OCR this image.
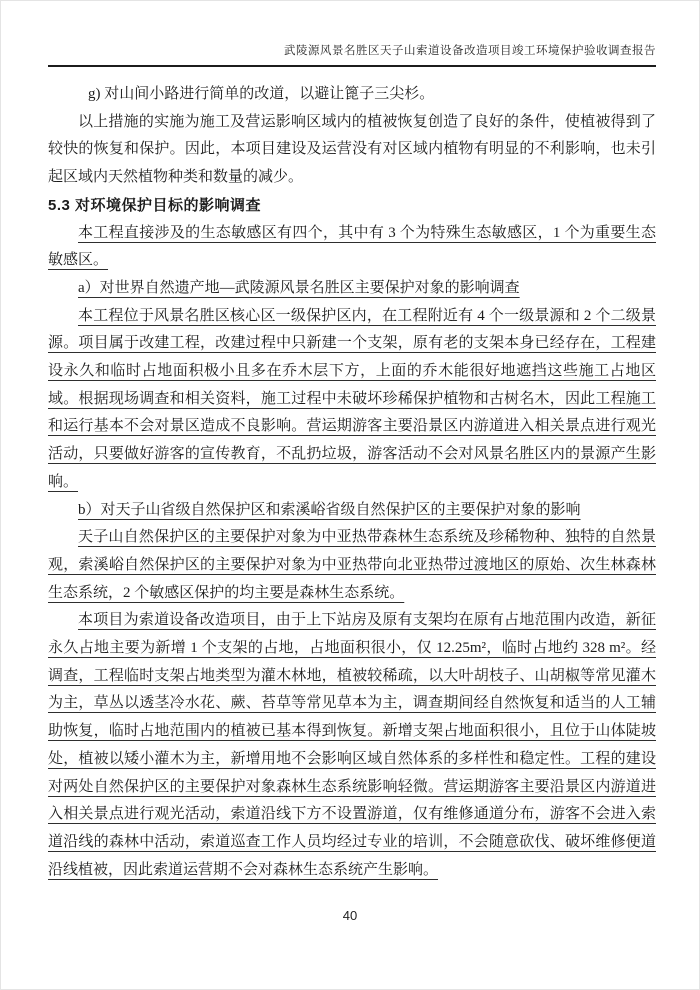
武陵源风景名胜区天子山索道设备改造项目竣工环境保护验收调查报告

g) 对山间小路进行简单的改道，以避让篦子三尖杉。

以上措施的实施为施工及营运影响区域内的植被恢复创造了良好的条件，使植被得到了较快的恢复和保护。因此，本项目建设及运营没有对区域内植物有明显的不利影响，也未引起区域内天然植物种类和数量的减少。

5.3 对环境保护目标的影响调查

本工程直接涉及的生态敏感区有四个，其中有 3 个为特殊生态敏感区，1 个为重要生态敏感区。

a）对世界自然遗产地—武陵源风景名胜区主要保护对象的影响调查

本工程位于风景名胜区核心区一级保护区内，在工程附近有 4 个一级景源和 2 个二级景源。项目属于改建工程，改建过程中只新建一个支架，原有老的支架本身已经存在，工程建设永久和临时占地面积极小且多在乔木层下方，上面的乔木能很好地遮挡这些施工占地区域。根据现场调查和相关资料，施工过程中未破坏珍稀保护植物和古树名木，因此工程施工和运行基本不会对景区造成不良影响。营运期游客主要沿景区内游道进入相关景点进行观光活动，只要做好游客的宣传教育，不乱扔垃圾，游客活动不会对风景名胜区内的景源产生影响。

b）对天子山省级自然保护区和索溪峪省级自然保护区的主要保护对象的影响

天子山自然保护区的主要保护对象为中亚热带森林生态系统及珍稀物种、独特的自然景观，索溪峪自然保护区的主要保护对象为中亚热带向北亚热带过渡地区的原始、次生林森林生态系统，2 个敏感区保护的均主要是森林生态系统。

本项目为索道设备改造项目，由于上下站房及原有支架均在原有占地范围内改造，新征永久占地主要为新增 1 个支架的占地，占地面积很小，仅 12.25m²，临时占地约 328 m²。经调查，工程临时支架占地类型为灌木林地，植被较稀疏，以大叶胡枝子、山胡椒等常见灌木为主，草丛以透茎冷水花、蕨、苔草等常见草本为主，调查期间经自然恢复和适当的人工辅助恢复，临时占地范围内的植被已基本得到恢复。新增支架占地面积很小，且位于山体陡坡处，植被以矮小灌木为主，新增用地不会影响区域自然体系的多样性和稳定性。工程的建设对两处自然保护区的主要保护对象森林生态系统影响轻微。营运期游客主要沿景区内游道进入相关景点进行观光活动，索道沿线下方不设置游道，仅有维修通道分布，游客不会进入索道沿线的森林中活动，索道巡查工作人员均经过专业的培训，不会随意砍伐、破坏维修便道沿线植被，因此索道运营期不会对森林生态系统产生影响。

40
